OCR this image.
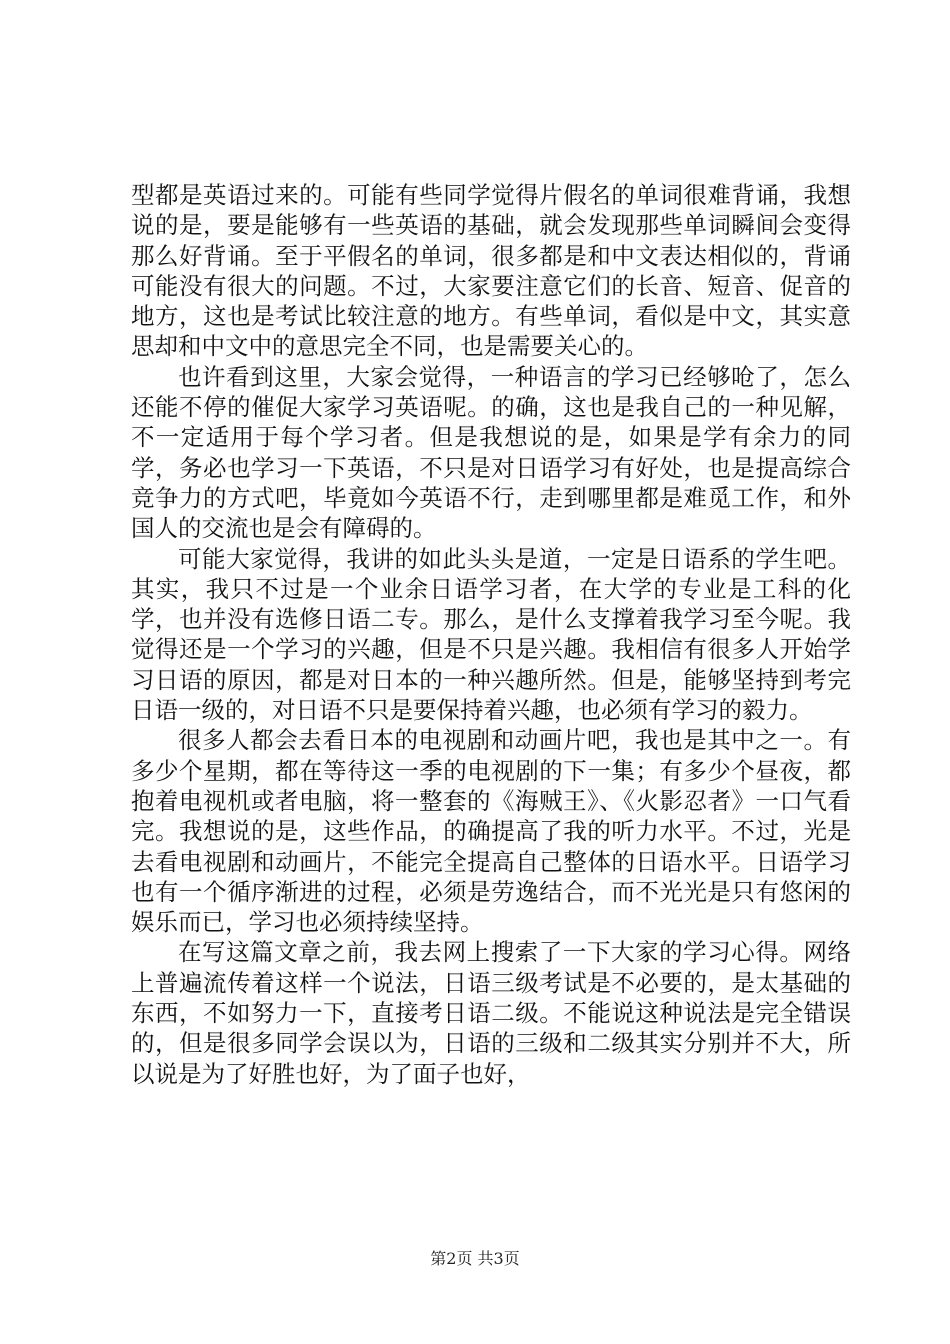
型都是英语过来的。可能有些同学觉得片假名的单词很难背诵，我想说的是，要是能够有一些英语的基础，就会发现那些单词瞬间会变得那么好背诵。至于平假名的单词，很多都是和中文表达相似的，背诵可能没有很大的问题。不过，大家要注意它们的长音、短音、促音的地方，这也是考试比较注意的地方。有些单词，看似是中文，其实意思却和中文中的意思完全不同，也是需要关心的。

也许看到这里，大家会觉得，一种语言的学习已经够呛了，怎么还能不停的催促大家学习英语呢。的确，这也是我自己的一种见解，不一定适用于每个学习者。但是我想说的是，如果是学有余力的同学，务必也学习一下英语，不只是对日语学习有好处，也是提高综合竞争力的方式吧，毕竟如今英语不行，走到哪里都是难觅工作，和外国人的交流也是会有障碍的。

可能大家觉得，我讲的如此头头是道，一定是日语系的学生吧。其实，我只不过是一个业余日语学习者，在大学的专业是工科的化学，也并没有选修日语二专。那么，是什么支撑着我学习至今呢。我觉得还是一个学习的兴趣，但是不只是兴趣。我相信有很多人开始学习日语的原因，都是对日本的一种兴趣所然。但是，能够坚持到考完日语一级的，对日语不只是要保持着兴趣，也必须有学习的毅力。

很多人都会去看日本的电视剧和动画片吧，我也是其中之一。有多少个星期，都在等待这一季的电视剧的下一集；有多少个昼夜，都抱着电视机或者电脑，将一整套的《海贼王》、《火影忍者》一口气看完。我想说的是，这些作品，的确提高了我的听力水平。不过，光是去看电视剧和动画片，不能完全提高自己整体的日语水平。日语学习也有一个循序渐进的过程，必须是劳逸结合，而不光光是只有悠闲的娱乐而已，学习也必须持续坚持。

在写这篇文章之前，我去网上搜索了一下大家的学习心得。网络上普遍流传着这样一个说法，日语三级考试是不必要的，是太基础的东西，不如努力一下，直接考日语二级。不能说这种说法是完全错误的，但是很多同学会误以为，日语的三级和二级其实分别并不大，所以说是为了好胜也好，为了面子也好，

第2页 共3页
